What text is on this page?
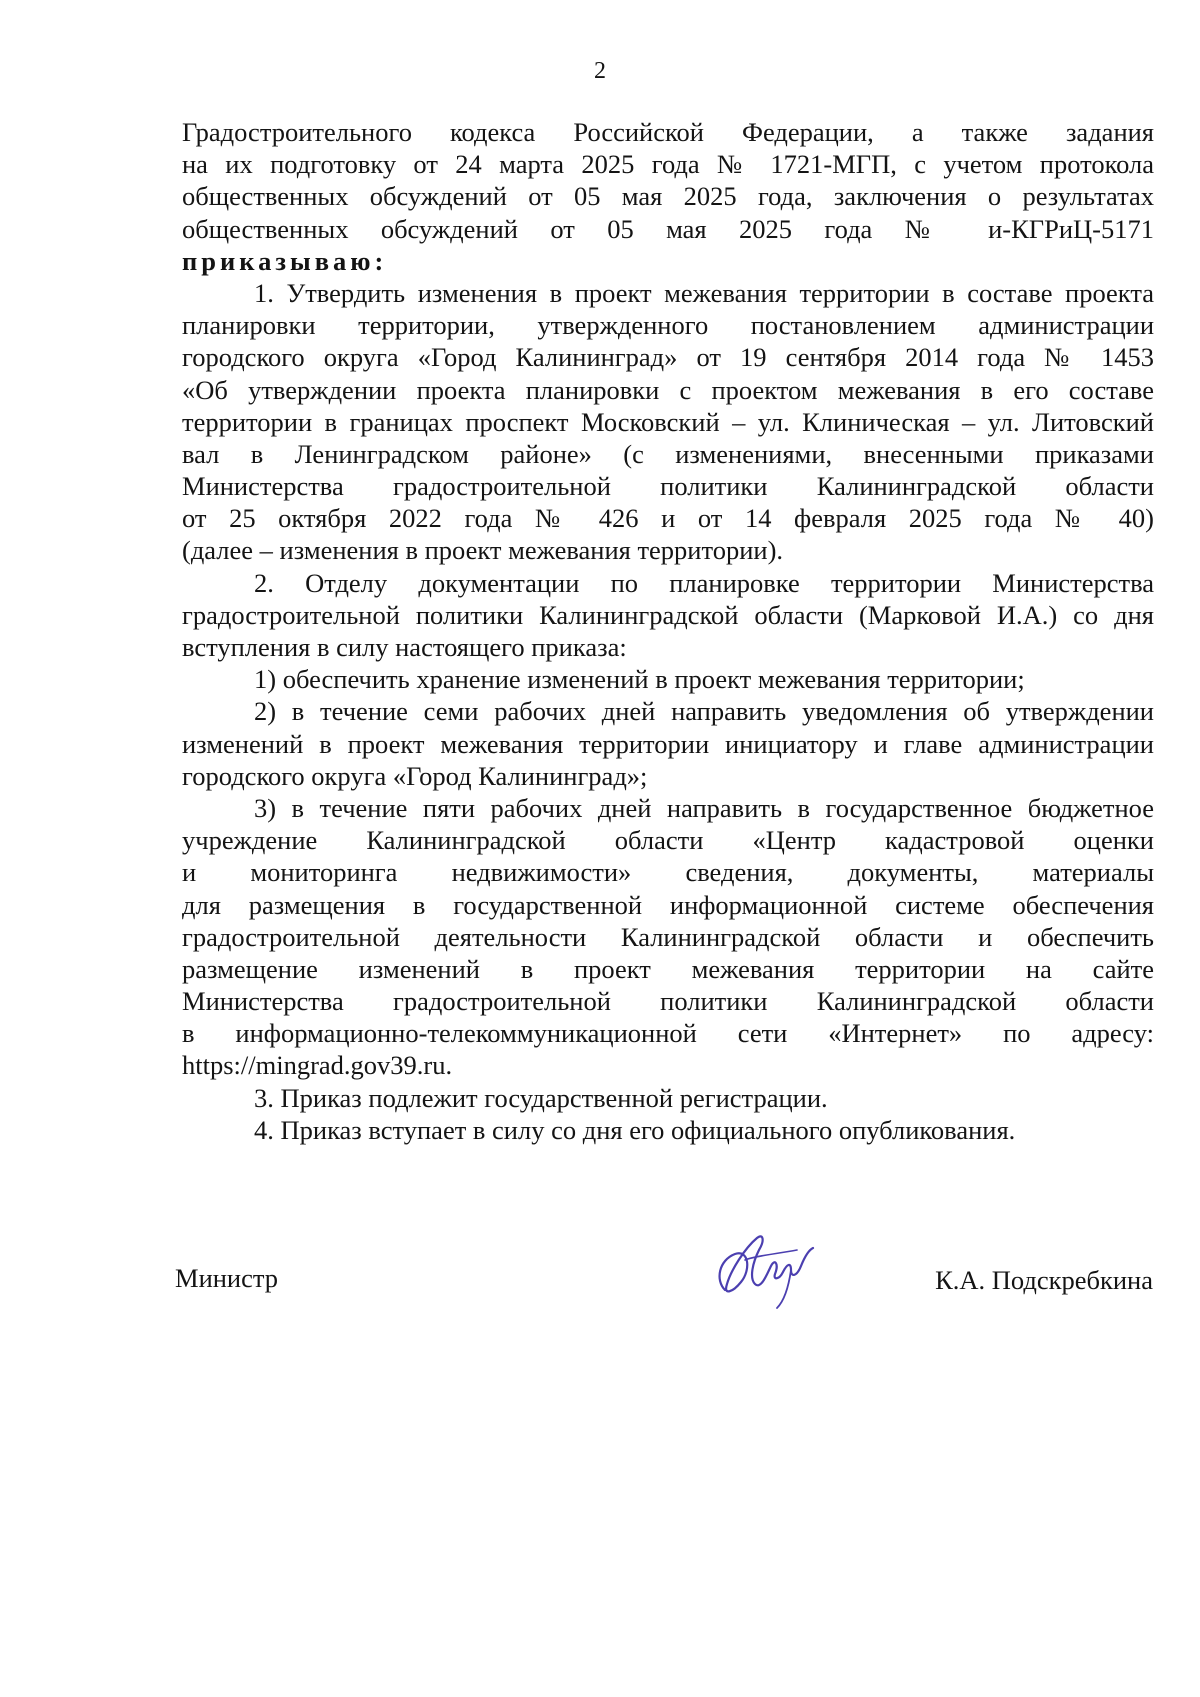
2
Градостроительного кодекса Российской Федерации, а также задания
на их подготовку от 24 марта 2025 года № 1721-МГП, с учетом протокола
общественных обсуждений от 05 мая 2025 года, заключения о результатах
общественных обсуждений от 05 мая 2025 года № и-КГРиЦ-5171
приказываю:
1. Утвердить изменения в проект межевания территории в составе проекта
планировки территории, утвержденного постановлением администрации
городского округа «Город Калининград» от 19 сентября 2014 года № 1453
«Об утверждении проекта планировки с проектом межевания в его составе
территории в границах проспект Московский – ул. Клиническая – ул. Литовский
вал в Ленинградском районе» (с изменениями, внесенными приказами
Министерства градостроительной политики Калининградской области
от 25 октября 2022 года № 426 и от 14 февраля 2025 года № 40)
(далее – изменения в проект межевания территории).
2. Отделу документации по планировке территории Министерства
градостроительной политики Калининградской области (Марковой И.А.) со дня
вступления в силу настоящего приказа:
1) обеспечить хранение изменений в проект межевания территории;
2) в течение семи рабочих дней направить уведомления об утверждении
изменений в проект межевания территории инициатору и главе администрации
городского округа «Город Калининград»;
3) в течение пяти рабочих дней направить в государственное бюджетное
учреждение Калининградской области «Центр кадастровой оценки
и мониторинга недвижимости» сведения, документы, материалы
для размещения в государственной информационной системе обеспечения
градостроительной деятельности Калининградской области и обеспечить
размещение изменений в проект межевания территории на сайте
Министерства градостроительной политики Калининградской области
в информационно-телекоммуникационной сети «Интернет» по адресу:
https://mingrad.gov39.ru.
3. Приказ подлежит государственной регистрации.
4. Приказ вступает в силу со дня его официального опубликования.
Министр	К.А. Подскребкина
